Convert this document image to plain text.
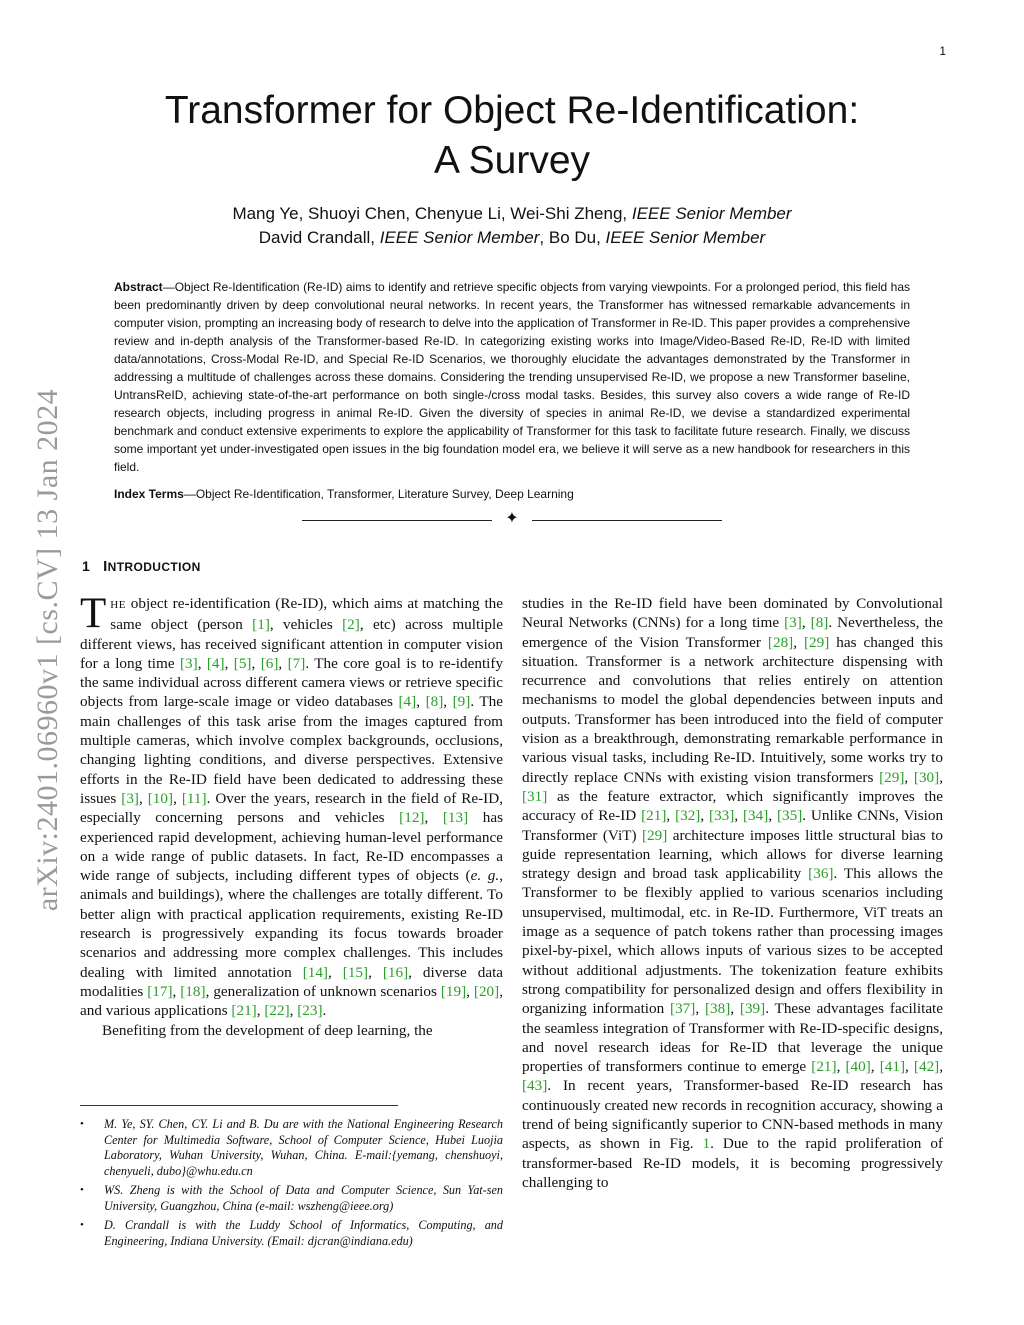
1
arXiv:2401.06960v1 [cs.CV] 13 Jan 2024
Transformer for Object Re-Identification:
A Survey
Mang Ye, Shuoyi Chen, Chenyue Li, Wei-Shi Zheng, IEEE Senior Member
David Crandall, IEEE Senior Member, Bo Du, IEEE Senior Member

Abstract—Object Re-Identification (Re-ID) aims to identify and retrieve specific objects from varying viewpoints. For a prolonged period, this field has been predominantly driven by deep convolutional neural networks. In recent years, the Transformer has witnessed remarkable advancements in computer vision, prompting an increasing body of research to delve into the application of Transformer in Re-ID. This paper provides a comprehensive review and in-depth analysis of the Transformer-based Re-ID. In categorizing existing works into Image/Video-Based Re-ID, Re-ID with limited data/annotations, Cross-Modal Re-ID, and Special Re-ID Scenarios, we thoroughly elucidate the advantages demonstrated by the Transformer in addressing a multitude of challenges across these domains. Considering the trending unsupervised Re-ID, we propose a new Transformer baseline, UntransReID, achieving state-of-the-art performance on both single-/cross modal tasks. Besides, this survey also covers a wide range of Re-ID research objects, including progress in animal Re-ID. Given the diversity of species in animal Re-ID, we devise a standardized experimental benchmark and conduct extensive experiments to explore the applicability of Transformer for this task to facilitate future research. Finally, we discuss some important yet under-investigated open issues in the big foundation model era, we believe it will serve as a new handbook for researchers in this field.

Index Terms—Object Re-Identification, Transformer, Literature Survey, Deep Learning

✦
1 INTRODUCTION

THE object re-identification (Re-ID), which aims at matching the same object (person [1], vehicles [2], etc) across multiple different views, has received significant attention in computer vision for a long time [3], [4], [5], [6], [7]. The core goal is to re-identify the same individual across different camera views or retrieve specific objects from large-scale image or video databases [4], [8], [9]. The main challenges of this task arise from the images captured from multiple cameras, which involve complex backgrounds, occlusions, changing lighting conditions, and diverse perspectives. Extensive efforts in the Re-ID field have been dedicated to addressing these issues [3], [10], [11]. Over the years, research in the field of Re-ID, especially concerning persons and vehicles [12], [13] has experienced rapid development, achieving human-level performance on a wide range of public datasets. In fact, Re-ID encompasses a wide range of subjects, including different types of objects (e. g., animals and buildings), where the challenges are totally different. To better align with practical application requirements, existing Re-ID research is progressively expanding its focus towards broader scenarios and addressing more complex challenges. This includes dealing with limited annotation [14], [15], [16], diverse data modalities [17], [18], generalization of unknown scenarios [19], [20], and various applications [21], [22], [23].

Benefiting from the development of deep learning, the

studies in the Re-ID field have been dominated by Convolutional Neural Networks (CNNs) for a long time [3], [8]. Nevertheless, the emergence of the Vision Transformer [28], [29] has changed this situation. Transformer is a network architecture dispensing with recurrence and convolutions that relies entirely on attention mechanisms to model the global dependencies between inputs and outputs. Transformer has been introduced into the field of computer vision as a breakthrough, demonstrating remarkable performance in various visual tasks, including Re-ID. Intuitively, some works try to directly replace CNNs with existing vision transformers [29], [30], [31] as the feature extractor, which significantly improves the accuracy of Re-ID [21], [32], [33], [34], [35]. Unlike CNNs, Vision Transformer (ViT) [29] architecture imposes little structural bias to guide representation learning, which allows for diverse learning strategy design and broad task applicability [36]. This allows the Transformer to be flexibly applied to various scenarios including unsupervised, multimodal, etc. in Re-ID. Furthermore, ViT treats an image as a sequence of patch tokens rather than processing images pixel-by-pixel, which allows inputs of various sizes to be accepted without additional adjustments. The tokenization feature exhibits strong compatibility for personalized design and offers flexibility in organizing information [37], [38], [39]. These advantages facilitate the seamless integration of Transformer with Re-ID-specific designs, and novel research ideas for Re-ID that leverage the unique properties of transformers continue to emerge [21], [40], [41], [42], [43]. In recent years, Transformer-based Re-ID research has continuously created new records in recognition accuracy, showing a trend of being significantly superior to CNN-based methods in many aspects, as shown in Fig. 1. Due to the rapid proliferation of transformer-based Re-ID models, it is becoming progressively challenging to

• M. Ye, SY. Chen, CY. Li and B. Du are with the National Engineering Research Center for Multimedia Software, School of Computer Science, Hubei Luojia Laboratory, Wuhan University, Wuhan, China. E-mail:{yemang, chenshuoyi, chenyueli, dubo}@whu.edu.cn
• WS. Zheng is with the School of Data and Computer Science, Sun Yat-sen University, Guangzhou, China (e-mail: wszheng@ieee.org)
• D. Crandall is with the Luddy School of Informatics, Computing, and Engineering, Indiana University. (Email: djcran@indiana.edu)
